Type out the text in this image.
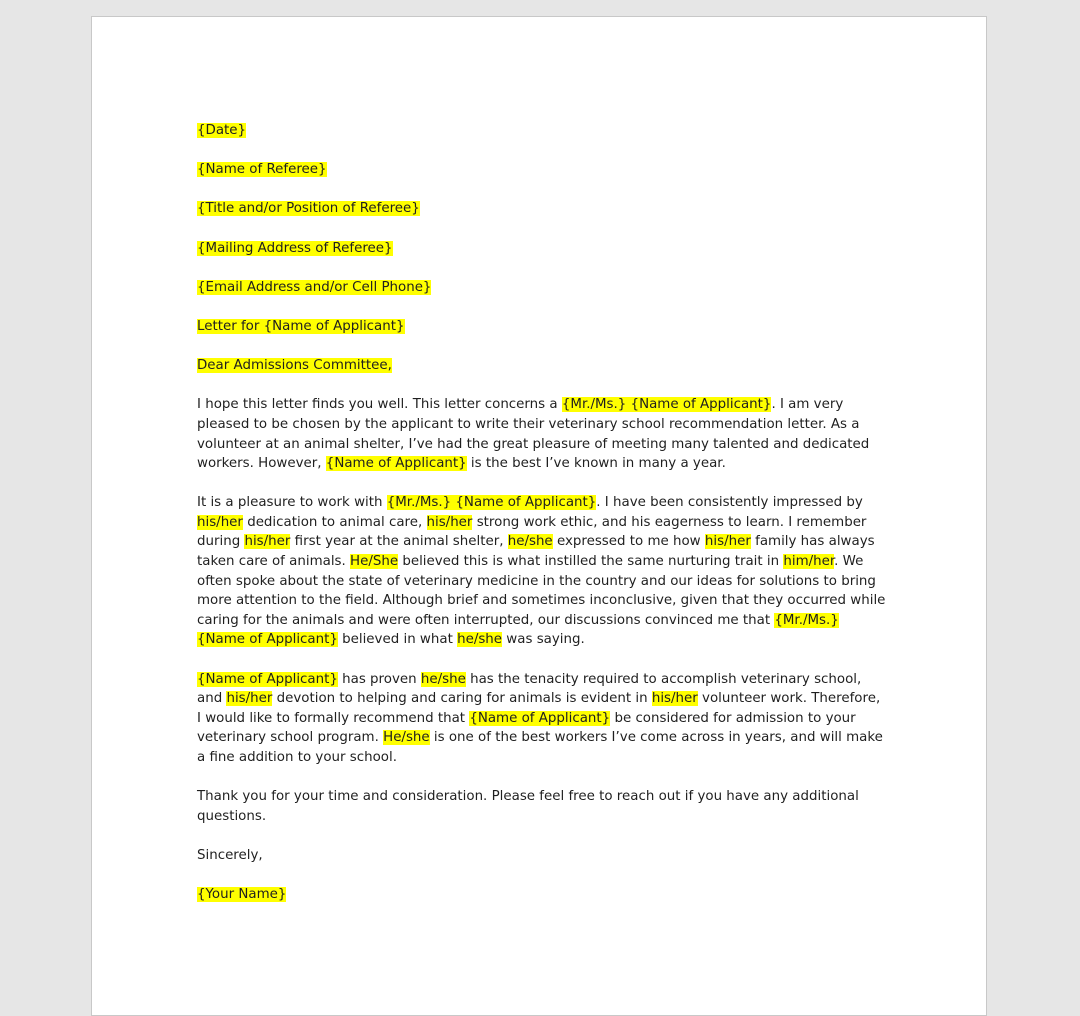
{Date}
{Name of Referee}
{Title and/or Position of Referee}
{Mailing Address of Referee}
{Email Address and/or Cell Phone}
Letter for {Name of Applicant}
Dear Admissions Committee,

I hope this letter finds you well. This letter concerns a {Mr./Ms.} {Name of Applicant}. I am very pleased to be chosen by the applicant to write their veterinary school recommendation letter. As a volunteer at an animal shelter, I’ve had the great pleasure of meeting many talented and dedicated workers. However, {Name of Applicant} is the best I’ve known in many a year.

It is a pleasure to work with {Mr./Ms.} {Name of Applicant}. I have been consistently impressed by his/her dedication to animal care, his/her strong work ethic, and his eagerness to learn. I remember during his/her first year at the animal shelter, he/she expressed to me how his/her family has always taken care of animals. He/She believed this is what instilled the same nurturing trait in him/her. We often spoke about the state of veterinary medicine in the country and our ideas for solutions to bring more attention to the field. Although brief and sometimes inconclusive, given that they occurred while caring for the animals and were often interrupted, our discussions convinced me that {Mr./Ms.} {Name of Applicant} believed in what he/she was saying.

{Name of Applicant} has proven he/she has the tenacity required to accomplish veterinary school, and his/her devotion to helping and caring for animals is evident in his/her volunteer work. Therefore, I would like to formally recommend that {Name of Applicant} be considered for admission to your veterinary school program. He/she is one of the best workers I’ve come across in years, and will make a fine addition to your school.

Thank you for your time and consideration. Please feel free to reach out if you have any additional questions.

Sincerely,
{Your Name}
